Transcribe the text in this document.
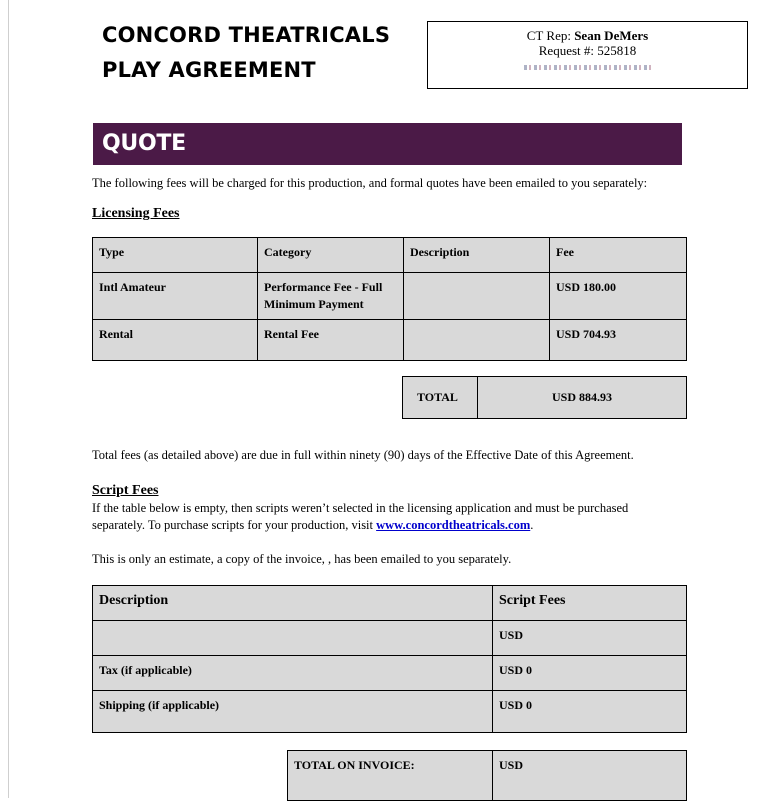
CONCORD THEATRICALS
PLAY AGREEMENT
CT Rep: Sean DeMers
Request #: 525818
QUOTE
The following fees will be charged for this production, and formal quotes have been emailed to you separately:
Licensing Fees
Type	Category	Description	Fee
Intl Amateur	Performance Fee - Full Minimum Payment		USD 180.00
Rental	Rental Fee		USD 704.93
TOTAL	USD 884.93
Total fees (as detailed above) are due in full within ninety (90) days of the Effective Date of this Agreement.
Script Fees
If the table below is empty, then scripts weren’t selected in the licensing application and must be purchased separately. To purchase scripts for your production, visit www.concordtheatricals.com.
This is only an estimate, a copy of the invoice, , has been emailed to you separately.
Description	Script Fees
	USD
Tax (if applicable)	USD 0
Shipping (if applicable)	USD 0
TOTAL ON INVOICE:	USD
